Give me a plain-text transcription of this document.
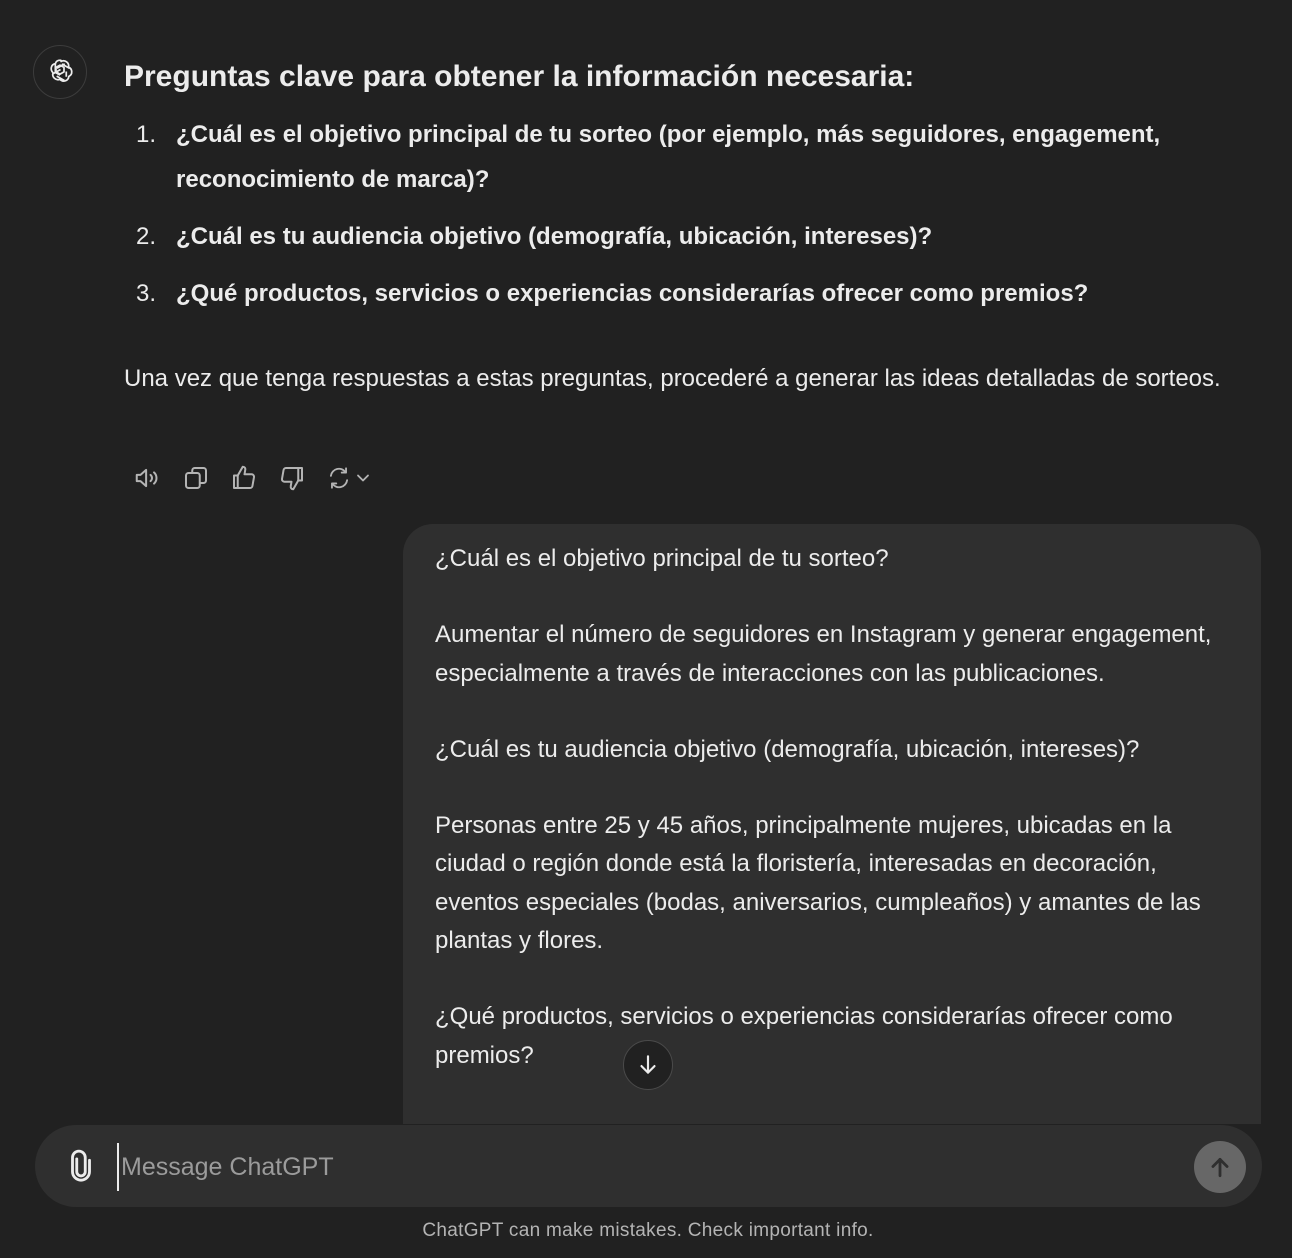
Preguntas clave para obtener la información necesaria:
1. ¿Cuál es el objetivo principal de tu sorteo (por ejemplo, más seguidores, engagement, reconocimiento de marca)?
2. ¿Cuál es tu audiencia objetivo (demografía, ubicación, intereses)?
3. ¿Qué productos, servicios o experiencias considerarías ofrecer como premios?

Una vez que tenga respuestas a estas preguntas, procederé a generar las ideas detalladas de sorteos.

¿Cuál es el objetivo principal de tu sorteo?

Aumentar el número de seguidores en Instagram y generar engagement, especialmente a través de interacciones con las publicaciones.

¿Cuál es tu audiencia objetivo (demografía, ubicación, intereses)?

Personas entre 25 y 45 años, principalmente mujeres, ubicadas en la ciudad o región donde está la floristería, interesadas en decoración, eventos especiales (bodas, aniversarios, cumpleaños) y amantes de las plantas y flores.

¿Qué productos, servicios o experiencias considerarías ofrecer como premios?

Message ChatGPT
ChatGPT can make mistakes. Check important info.
